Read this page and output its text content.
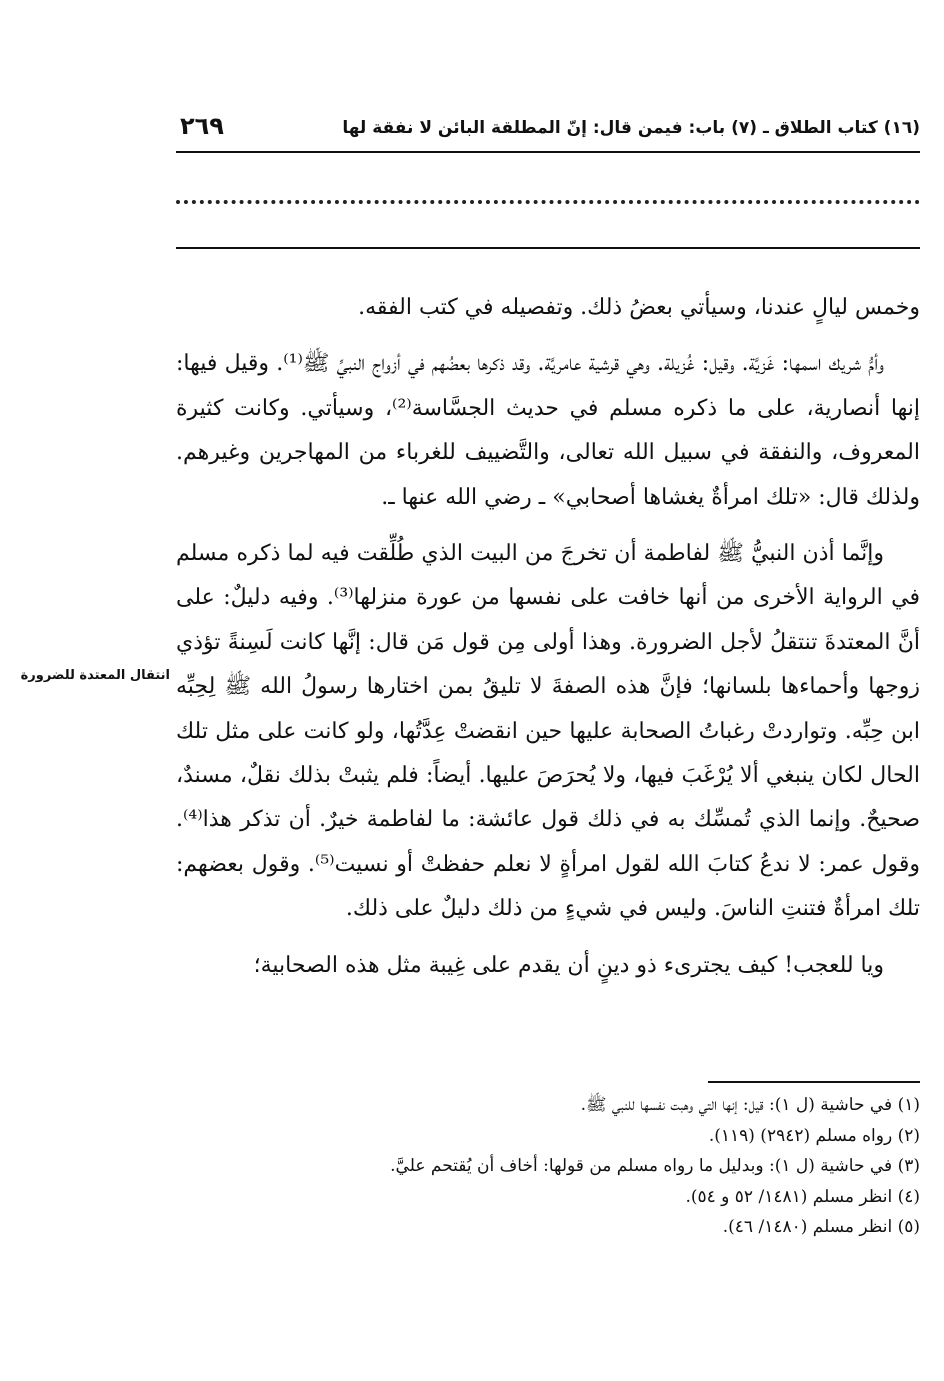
(١٦) كتاب الطلاق ـ (٧) باب: فيمن قال: إنّ المطلقة البائن لا نفقة لها
٢٦٩

وخمس ليالٍ عندنا، وسيأتي بعضُ ذلك. وتفصيله في كتب الفقه.

وأمُّ شريك اسمها: غَزيَّة. وقيل: غُزيلة. وهي قرشية عامريَّة. وقد ذكرها بعضُهم في أزواج النبيِّ ﷺ⁽¹⁾. وقيل فيها: إنها أنصارية، على ما ذكره مسلم في حديث الجسَّاسة⁽²⁾، وسيأتي. وكانت كثيرة المعروف، والنفقة في سبيل الله تعالى، والتَّضييف للغرباء من المهاجرين وغيرهم. ولذلك قال: «تلك امرأةٌ يغشاها أصحابي» ـ رضي الله عنها ـ.

وإنَّما أذن النبيُّ ﷺ لفاطمة أن تخرجَ من البيت الذي طُلِّقت فيه لما ذكره مسلم في الرواية الأخرى من أنها خافت على نفسها من عورة منزلها⁽³⁾. وفيه دليلٌ: على أنَّ المعتدةَ تنتقلُ لأجل الضرورة. وهذا أولى مِن قول مَن قال: إنَّها كانت لَسِنةً تؤذي زوجها وأحماءها بلسانها؛ فإنَّ هذه الصفةَ لا تليقُ بمن اختارها رسولُ الله ﷺ لِحِبِّه ابن حِبِّه. وتواردتْ رغباتُ الصحابة عليها حين انقضتْ عِدَّتُها، ولو كانت على مثل تلك الحال لكان ينبغي ألا يُرْغَبَ فيها، ولا يُحرَصَ عليها. أيضاً: فلم يثبتْ بذلك نقلٌ، مسندٌ، صحيحٌ. وإنما الذي تُمسِّك به في ذلك قول عائشة: ما لفاطمة خيرٌ. أن تذكر هذا⁽⁴⁾. وقول عمر: لا ندعُ كتابَ الله لقول امرأةٍ لا نعلم حفظتْ أو نسيت⁽⁵⁾. وقول بعضهم: تلك امرأةٌ فتنتِ الناسَ. وليس في شيءٍ من ذلك دليلٌ على ذلك.

ويا للعجب! كيف يجترىء ذو دينٍ أن يقدم على غِيبة مثل هذه الصحابية؛

انتقال المعتدة للضرورة

(١) في حاشية (ل ١): قيل: إنها التي وهبت نفسها للنبي ﷺ.

(٢) رواه مسلم (٢٩٤٢) (١١٩).

(٣) في حاشية (ل ١): وبدليل ما رواه مسلم من قولها: أخاف أن يُقتحم عليَّ.

(٤) انظر مسلم (١٤٨١/ ٥٢ و ٥٤).

(٥) انظر مسلم (١٤٨٠/ ٤٦).
